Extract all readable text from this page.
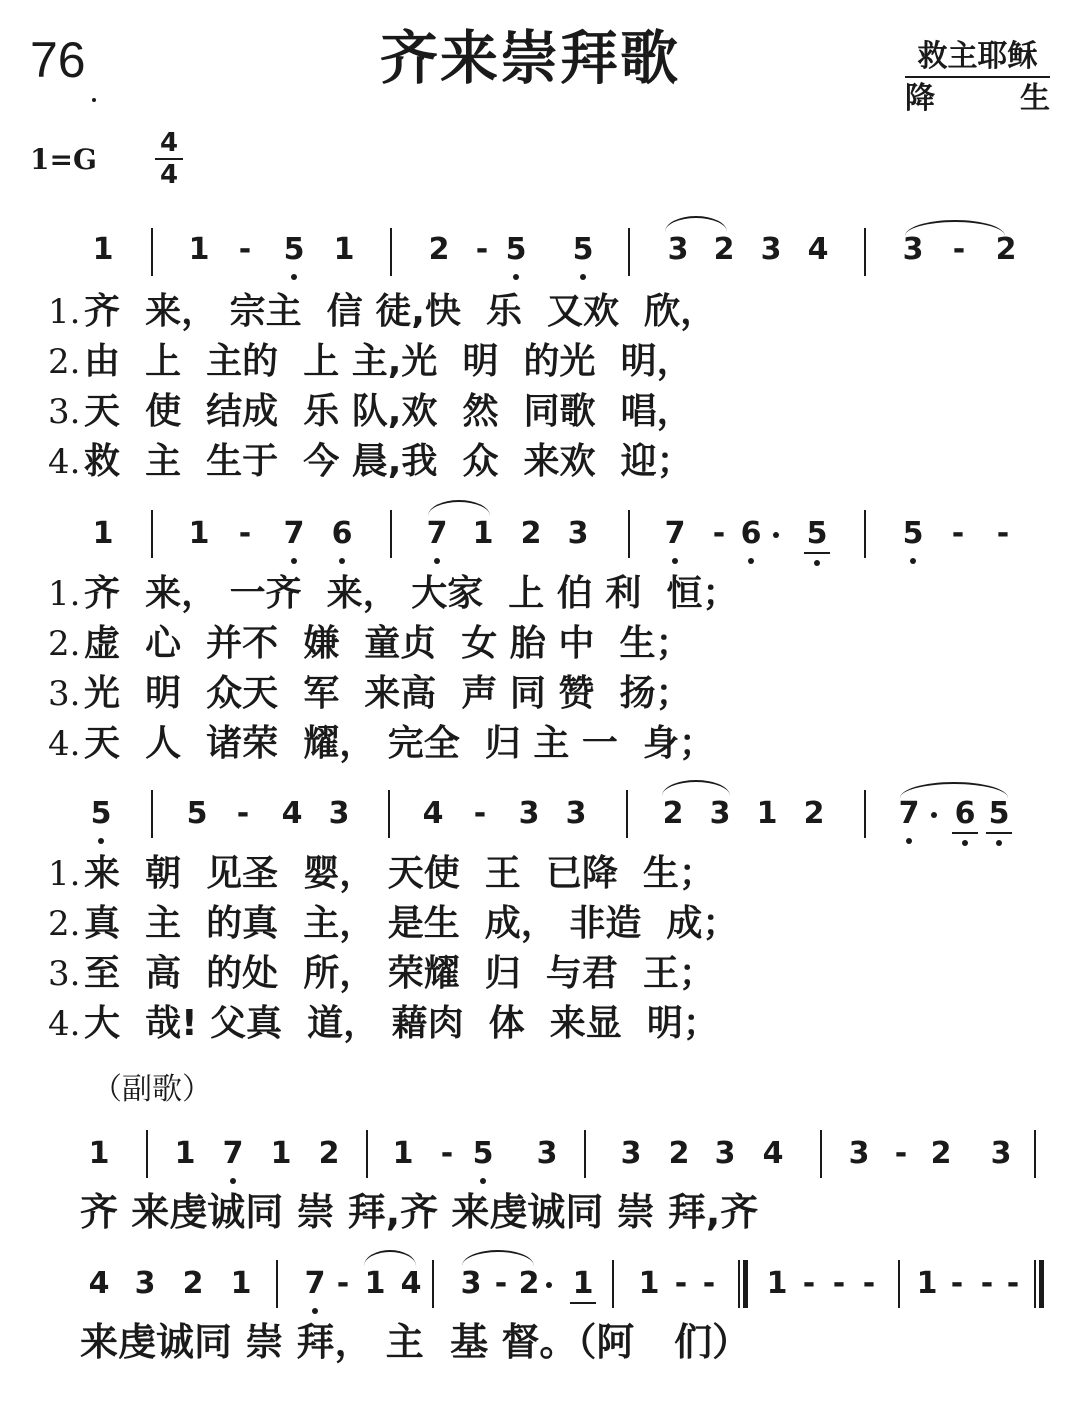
76	齐来崇拜歌	救主耶稣
降	生
1=G 4
4
1	1 - 5 1 2 - 5 5 3 2 3 4 3 - 2
1. 齐  来， 宗主  信 徒,快  乐  又欢  欣，
2. 由  上  主的  上 主,光  明  的光  明，
3. 天  使  结成  乐 队,欢  然  同歌  唱，
4. 救  主  生于  今 晨,我  众  来欢  迎；
1	1 - 7 6 7 1 2 3	7 - 6 5	5 - -
1. 齐  来， 一齐  来， 大家  上 伯 利  恒；
2. 虚  心  并不  嫌  童贞  女 胎 中  生；
3. 光  明  众天  军  来高  声 同 赞  扬；
4. 天  人  诸荣  耀， 完全  归 主 一  身；
5	5 - 4 3 4 - 3 3	2 3 1 2 7 6 5
1. 来  朝  见圣  婴， 天使  王  已降  生；
2. 真  主  的真  主， 是生  成， 非造  成；
3. 至  高  的处  所， 荣耀  归  与君  王；
4. 大  哉! 父真  道， 藉肉  体  来显  明；
（副歌）
1 1 7 1 2 1 - 5 3 3 2 3 4 3 - 2 3
齐 来虔诚同 崇 拜,齐 来虔诚同 崇 拜,齐
4 3 2 1 7 - 1 4 3 - 2 1 1 - - 1 - - - 1 - - -
来虔诚同 崇 拜， 主  基 督。（阿   们）
